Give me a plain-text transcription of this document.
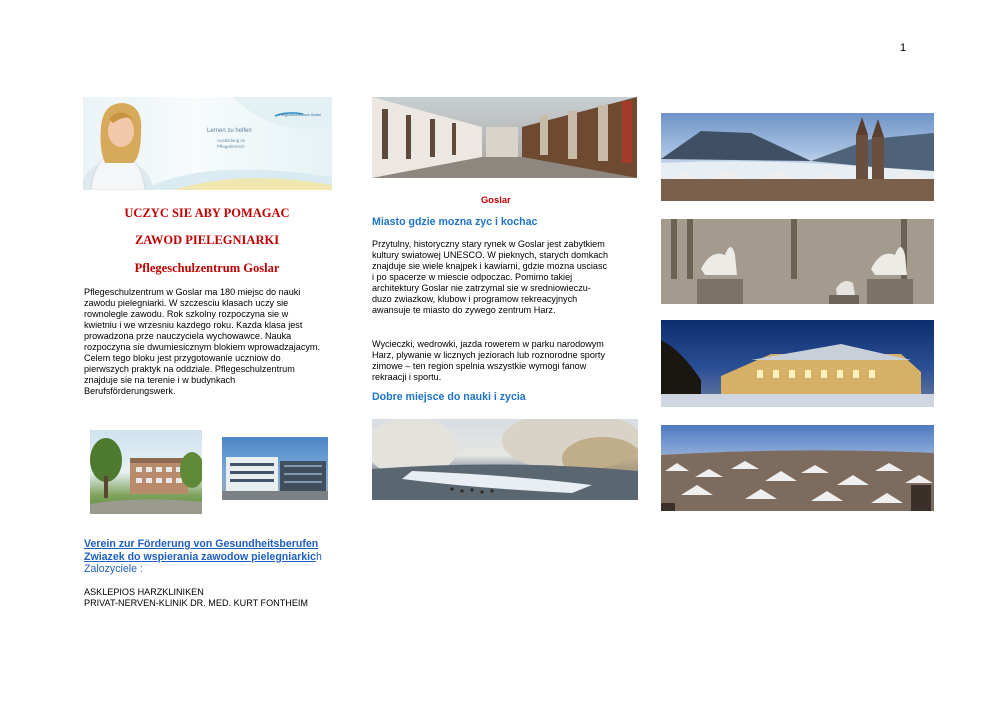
1
Lernen zu helfen
Ausbildung im Pflegebereich
Pflegeschulzentrum Goslar
UCZYC SIE ABY POMAGAC
ZAWOD PIELEGNIARKI
Pflegeschulzentrum Goslar

Pflegeschulzentrum w Goslar ma 180 miejsc do nauki

zawodu pielegniarki. W szczesciu klasach uczy sie

rownolegle zawodu. Rok szkolny rozpoczyna sie w

kwietniu i we wrzesniu kazdego roku. Kazda klasa jest

prowadzona prze nauczyciela wychowawce. Nauka

rozpoczyna sie dwumiesicznym blokiem wprowadzajacym.

Celem tego bloku jest przygotowanie uczniow do

pierwszych praktyk na oddziale. Pflegeschulzentrum

znajduje sie na terenie i w budynkach

Berufsförderungswerk.

Verein zur Förderung von Gesundheitsberufen
Zwiazek do wspierania zawodow pielegniarkich
Zalozyciele :
ASKLEPIOS HARZKLINIKEN
PRIVAT-NERVEN-KLINIK DR. MED. KURT FONTHEIM
Goslar
Miasto gdzie mozna zyc i kochac

Przytulny, historyczny stary rynek w Goslar jest zabytkiem

kultury swiatowej UNESCO. W pieknych, starych domkach

znajduje sie wiele knajpek i kawiarni, gdzie mozna usciasc

i po spacerze w miescie odpoczac. Pomimo takiej

architektury Goslar nie zatrzymal sie w sredniowieczu-

duzo zwiazkow, klubow i programow rekreacyjnych

awansuje te miasto do zywego zentrum Harz.

Wycieczki, wedrowki, jazda rowerem w parku narodowym

Harz, plywanie w licznych jeziorach lub roznorodne sporty

zimowe – ten region spelnia wszystkie wymogi fanow

rekraacji i sportu.

Dobre miejsce do nauki i zycia
